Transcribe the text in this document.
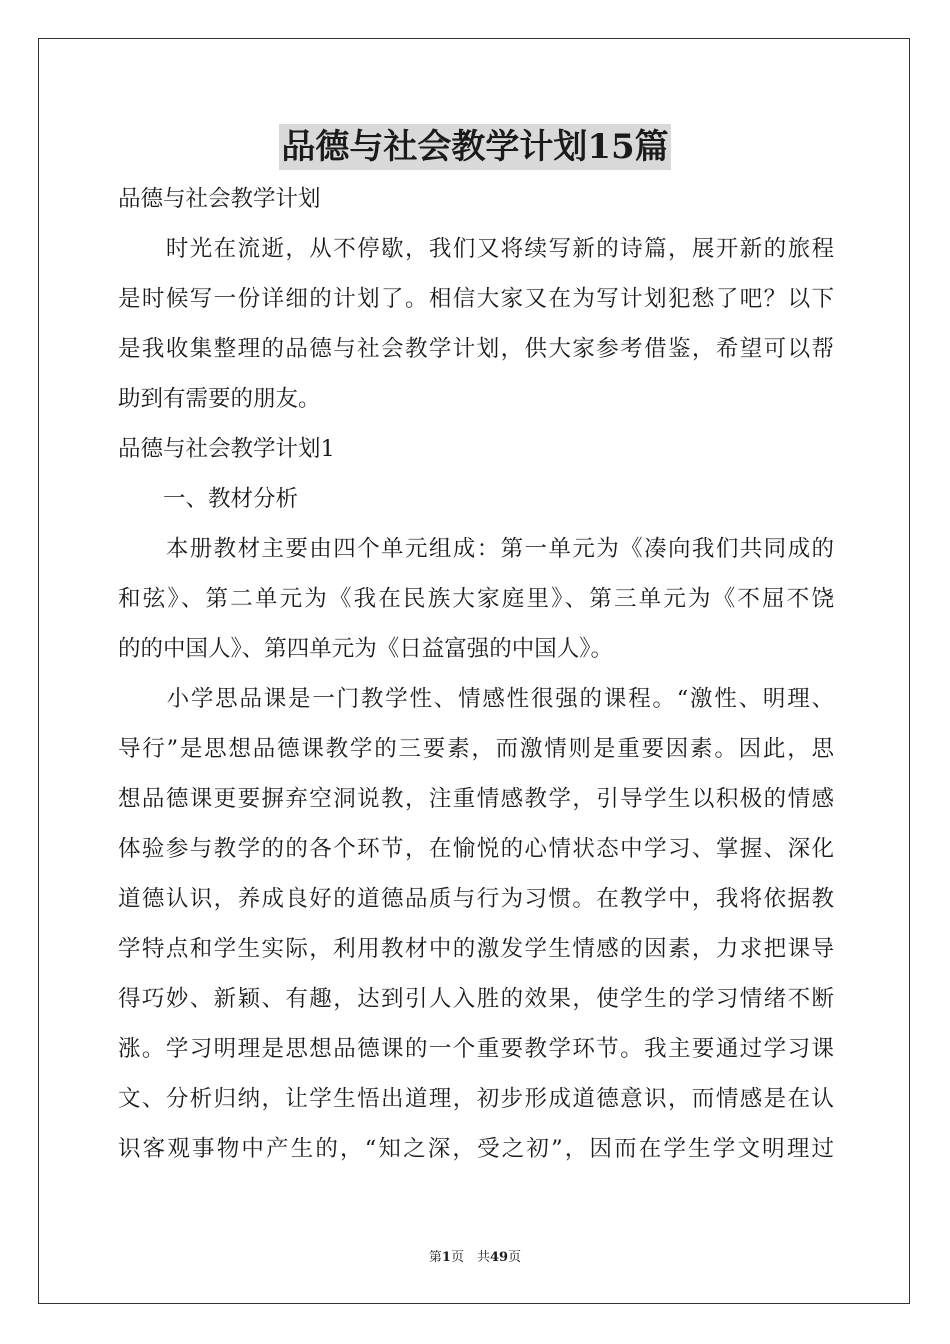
品德与社会教学计划15篇
品德与社会教学计划
　　时光在流逝，从不停歇，我们又将续写新的诗篇，展开新的旅程
是时候写一份详细的计划了。相信大家又在为写计划犯愁了吧？以下
是我收集整理的品德与社会教学计划，供大家参考借鉴，希望可以帮
助到有需要的朋友。
品德与社会教学计划1
　　一、教材分析
　　本册教材主要由四个单元组成：第一单元为《凑向我们共同成的
和弦》、第二单元为《我在民族大家庭里》、第三单元为《不屈不饶
的的中国人》、第四单元为《日益富强的中国人》。
　　小学思品课是一门教学性、情感性很强的课程。“激性、明理、
导行”是思想品德课教学的三要素，而激情则是重要因素。因此，思
想品德课更要摒弃空洞说教，注重情感教学，引导学生以积极的情感
体验参与教学的的各个环节，在愉悦的心情状态中学习、掌握、深化
道德认识，养成良好的道德品质与行为习惯。在教学中，我将依据教
学特点和学生实际，利用教材中的激发学生情感的因素，力求把课导
得巧妙、新颖、有趣，达到引人入胜的效果，使学生的学习情绪不断
涨。学习明理是思想品德课的一个重要教学环节。我主要通过学习课
文、分析归纳，让学生悟出道理，初步形成道德意识，而情感是在认
识客观事物中产生的，“知之深，受之初”，因而在学生学文明理过
第1页　共49页
